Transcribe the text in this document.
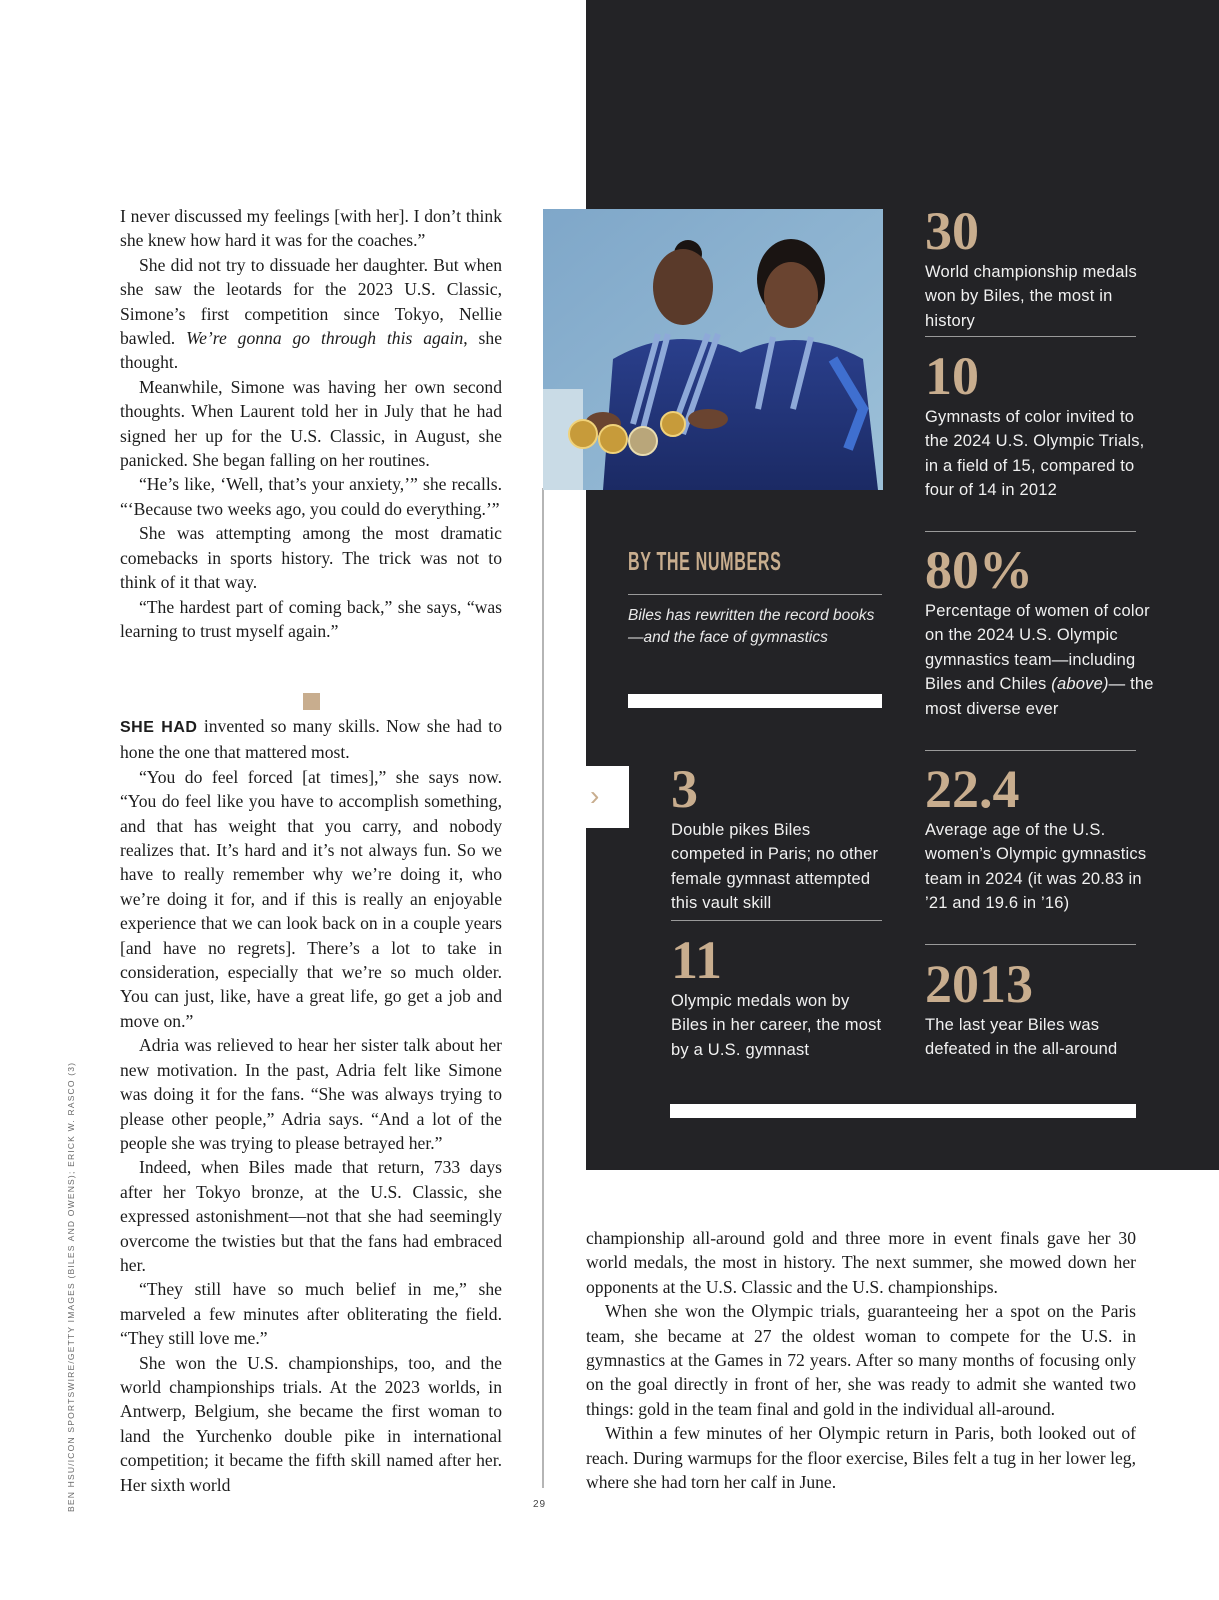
I never discussed my feelings [with her]. I don’t think she knew how hard it was for the coaches.”

She did not try to dissuade her daughter. But when she saw the leotards for the 2023 U.S. Classic, Simone’s first competition since Tokyo, Nellie bawled. We’re gonna go through this again, she thought.

Meanwhile, Simone was having her own second thoughts. When Laurent told her in July that he had signed her up for the U.S. Classic, in August, she panicked. She began falling on her routines.

“He’s like, ‘Well, that’s your anxiety,’” she recalls. “‘Because two weeks ago, you could do everything.’”

She was attempting among the most dramatic comebacks in sports history. The trick was not to think of it that way.

“The hardest part of coming back,” she says, “was learning to trust myself again.”

SHE HAD invented so many skills. Now she had to hone the one that mattered most.

“You do feel forced [at times],” she says now. “You do feel like you have to accomplish something, and that has weight that you carry, and nobody realizes that. It’s hard and it’s not always fun. So we have to really remember why we’re doing it, who we’re doing it for, and if this is really an enjoyable experience that we can look back on in a couple years [and have no regrets]. There’s a lot to take in consideration, especially that we’re so much older. You can just, like, have a great life, go get a job and move on.”

Adria was relieved to hear her sister talk about her new motivation. In the past, Adria felt like Simone was doing it for the fans. “She was always trying to please other people,” Adria says. “And a lot of the people she was trying to please betrayed her.”

Indeed, when Biles made that return, 733 days after her Tokyo bronze, at the U.S. Classic, she expressed astonishment—not that she had seemingly overcome the twisties but that the fans had embraced her.

“They still have so much belief in me,” she marveled a few minutes after obliterating the field. “They still love me.”

She won the U.S. championships, too, and the world championships trials. At the 2023 worlds, in Antwerp, Belgium, she became the first woman to land the Yurchenko double pike in international competition; it became the fifth skill named after her. Her sixth world

championship all-around gold and three more in event finals gave her 30 world medals, the most in history. The next summer, she mowed down her opponents at the U.S. Classic and the U.S. championships.

When she won the Olympic trials, guaranteeing her a spot on the Paris team, she became at 27 the oldest woman to compete for the U.S. in gymnastics at the Games in 72 years. After so many months of focusing only on the goal directly in front of her, she was ready to admit she wanted two things: gold in the team final and gold in the individual all-around.

Within a few minutes of her Olympic return in Paris, both looked out of reach. During warmups for the floor exercise, Biles felt a tug in her lower leg, where she had torn her calf in June.

BEN HSU/ICON SPORTSWIRE/GETTY IMAGES (BILES AND OWENS); ERICK W. RASCO (3)	29
BY THE NUMBERS
Biles has rewritten the record books—and the face of gymnastics
›
30
World championship medals won by Biles, the most in history
10
Gymnasts of color invited to the 2024 U.S. Olympic Trials, in a field of 15, compared to four of 14 in 2012
80%
Percentage of women of color on the 2024 U.S. Olympic gymnastics team—including Biles and Chiles (above)— the most diverse ever
3
Double pikes Biles competed in Paris; no other female gymnast attempted this vault skill
22.4
Average age of the U.S. women’s Olympic gymnastics team in 2024 (it was 20.83 in ’21 and 19.6 in ’16)
11
Olympic medals won by Biles in her career, the most by a U.S. gymnast
2013
The last year Biles was defeated in the all-around
